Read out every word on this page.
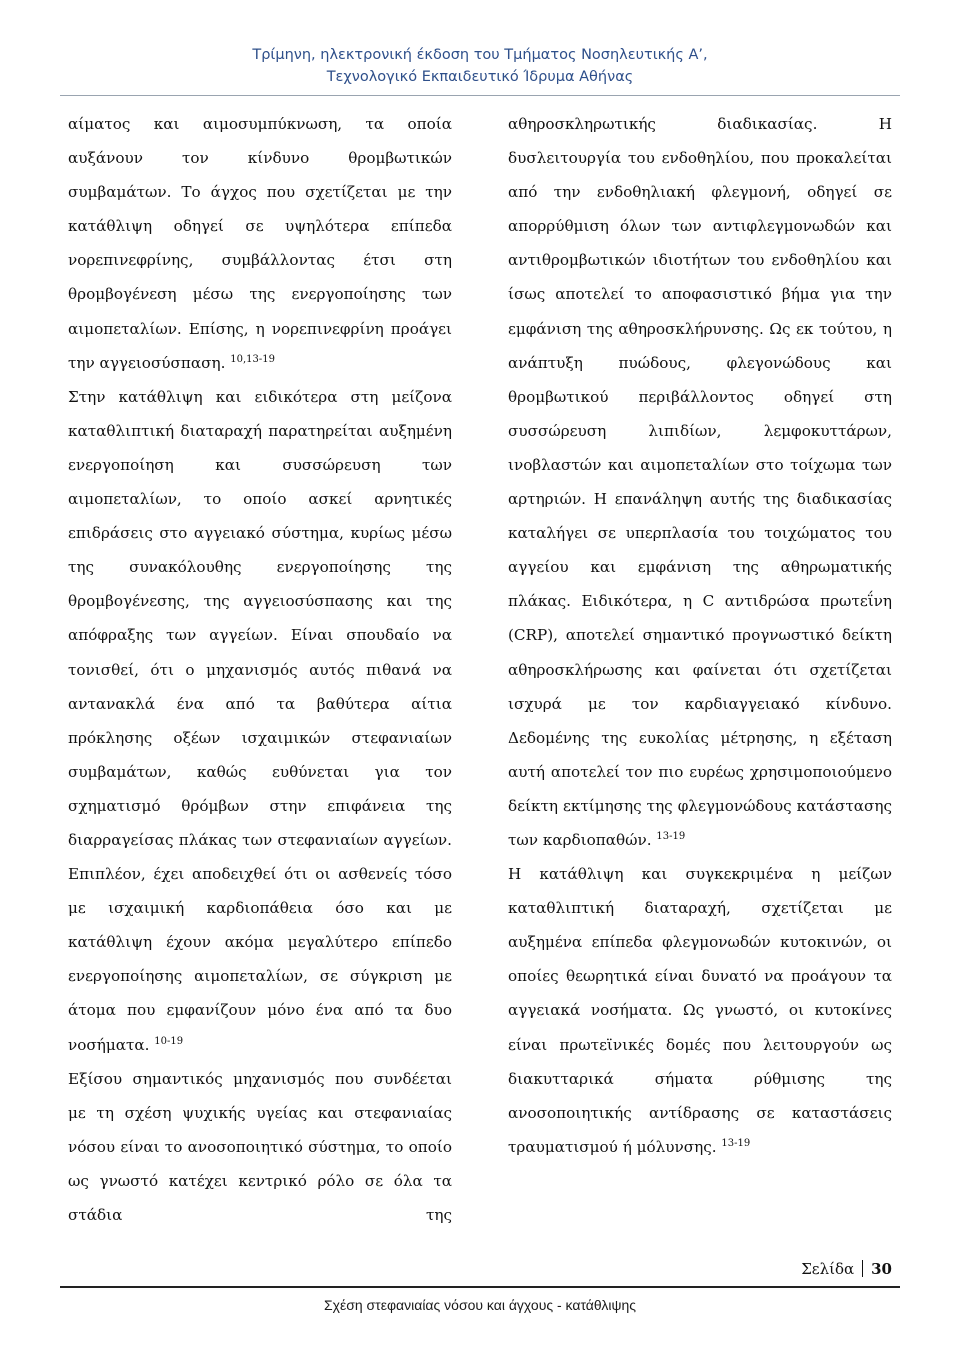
Τρίμηνη, ηλεκτρονική έκδοση του Τμήματος Νοσηλευτικής Α’,
Τεχνολογικό Εκπαιδευτικό Ίδρυμα Αθήνας

αίματος και αιμοσυμπύκνωση, τα οποία αυξάνουν τον κίνδυνο θρομβωτικών συμβαμάτων. Το άγχος που σχετίζεται με την κατάθλιψη οδηγεί σε υψηλότερα επίπεδα νορεπινεφρίνης, συμβάλλοντας έτσι στη θρομβογένεση μέσω της ενεργοποίησης των αιμοπεταλίων. Επίσης, η νορεπινεφρίνη προάγει την αγγειοσύσπαση. $^{10,13-19}$

Στην κατάθλιψη και ειδικότερα στη μείζονα καταθλιπτική διαταραχή παρατηρείται αυξημένη ενεργοποίηση και συσσώρευση των αιμοπεταλίων, το οποίο ασκεί αρνητικές επιδράσεις στο αγγειακό σύστημα, κυρίως μέσω της συνακόλουθης ενεργοποίησης της θρομβογένεσης, της αγγειοσύσπασης και της απόφραξης των αγγείων. Είναι σπουδαίο να τονισθεί, ότι ο μηχανισμός αυτός πιθανά να αντανακλά ένα από τα βαθύτερα αίτια πρόκλησης οξέων ισχαιμικών στεφανιαίων συμβαμάτων, καθώς ευθύνεται για τον σχηματισμό θρόμβων στην επιφάνεια της διαρραγείσας πλάκας των στεφανιαίων αγγείων. Επιπλέον, έχει αποδειχθεί ότι οι ασθενείς τόσο με ισχαιμική καρδιοπάθεια όσο και με κατάθλιψη έχουν ακόμα μεγαλύτερο επίπεδο ενεργοποίησης αιμοπεταλίων, σε σύγκριση με άτομα που εμφανίζουν μόνο ένα από τα δυο νοσήματα. $^{10-19}$

Εξίσου σημαντικός μηχανισμός που συνδέεται με τη σχέση ψυχικής υγείας και στεφανιαίας νόσου είναι το ανοσοποιητικό σύστημα, το οποίο ως γνωστό κατέχει κεντρικό ρόλο σε όλα τα στάδια της

αθηροσκληρωτικής διαδικασίας. Η δυσλειτουργία του ενδοθηλίου, που προκαλείται από την ενδοθηλιακή φλεγμονή, οδηγεί σε απορρύθμιση όλων των αντιφλεγμονωδών και αντιθρομβωτικών ιδιοτήτων του ενδοθηλίου και ίσως αποτελεί το αποφασιστικό βήμα για την εμφάνιση της αθηροσκλήρυνσης. Ως εκ τούτου, η ανάπτυξη πυώδους, φλεγονώδους και θρομβωτικού περιβάλλοντος οδηγεί στη συσσώρευση λιπιδίων, λεμφοκυττάρων, ινοβλαστών και αιμοπεταλίων στο τοίχωμα των αρτηριών. Η επανάληψη αυτής της διαδικασίας καταλήγει σε υπερπλασία του τοιχώματος του αγγείου και εμφάνιση της αθηρωματικής πλάκας. Ειδικότερα, η C αντιδρώσα πρωτεΐνη (CRP), αποτελεί σημαντικό προγνωστικό δείκτη αθηροσκλήρωσης και φαίνεται ότι σχετίζεται ισχυρά με τον καρδιαγγειακό κίνδυνο. Δεδομένης της ευκολίας μέτρησης, η εξέταση αυτή αποτελεί τον πιο ευρέως χρησιμοποιούμενο δείκτη εκτίμησης της φλεγμονώδους κατάστασης των καρδιοπαθών. $^{13-19}$

Η κατάθλιψη και συγκεκριμένα η μείζων καταθλιπτική διαταραχή, σχετίζεται με αυξημένα επίπεδα φλεγμονωδών κυτοκινών, οι οποίες θεωρητικά είναι δυνατό να προάγουν τα αγγειακά νοσήματα. Ως γνωστό, οι κυτοκίνες είναι πρωτεϊνικές δομές που λειτουργούν ως διακυτταρικά σήματα ρύθμισης της ανοσοποιητικής αντίδρασης σε καταστάσεις τραυματισμού ή μόλυνσης. $^{13-19}$

Σελίδα 30
Σχέση στεφανιαίας νόσου και άγχους - κατάθλιψης
